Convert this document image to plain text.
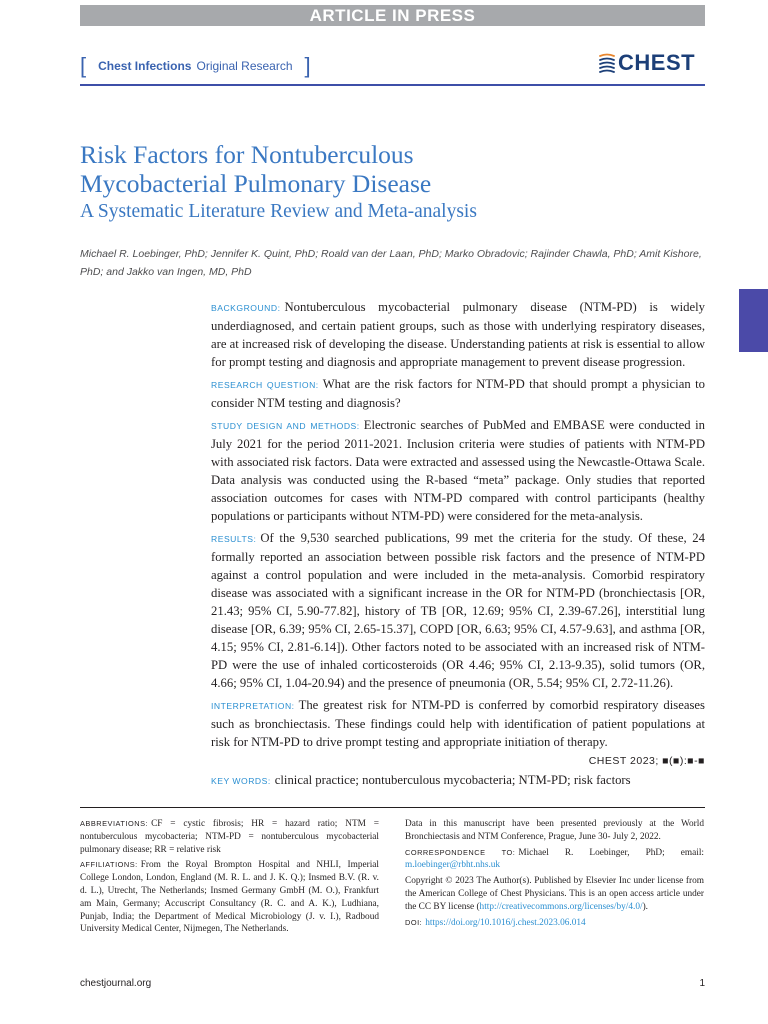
ARTICLE IN PRESS
[ Chest Infections Original Research ]	CHEST
Risk Factors for Nontuberculous
Mycobacterial Pulmonary Disease
A Systematic Literature Review and Meta-analysis
Michael R. Loebinger, PhD; Jennifer K. Quint, PhD; Roald van der Laan, PhD; Marko Obradovic; Rajinder Chawla, PhD; Amit Kishore, PhD; and Jakko van Ingen, MD, PhD

BACKGROUND: Nontuberculous mycobacterial pulmonary disease (NTM-PD) is widely underdiagnosed, and certain patient groups, such as those with underlying respiratory diseases, are at increased risk of developing the disease. Understanding patients at risk is essential to allow for prompt testing and diagnosis and appropriate management to prevent disease progression.

RESEARCH QUESTION: What are the risk factors for NTM-PD that should prompt a physician to consider NTM testing and diagnosis?

STUDY DESIGN AND METHODS: Electronic searches of PubMed and EMBASE were conducted in July 2021 for the period 2011-2021. Inclusion criteria were studies of patients with NTM-PD with associated risk factors. Data were extracted and assessed using the Newcastle-Ottawa Scale. Data analysis was conducted using the R-based “meta” package. Only studies that reported association outcomes for cases with NTM-PD compared with control participants (healthy populations or participants without NTM-PD) were considered for the meta-analysis.

RESULTS: Of the 9,530 searched publications, 99 met the criteria for the study. Of these, 24 formally reported an association between possible risk factors and the presence of NTM-PD against a control population and were included in the meta-analysis. Comorbid respiratory disease was associated with a significant increase in the OR for NTM-PD (bronchiectasis [OR, 21.43; 95% CI, 5.90-77.82], history of TB [OR, 12.69; 95% CI, 2.39-67.26], interstitial lung disease [OR, 6.39; 95% CI, 2.65-15.37], COPD [OR, 6.63; 95% CI, 4.57-9.63], and asthma [OR, 4.15; 95% CI, 2.81-6.14]). Other factors noted to be associated with an increased risk of NTM-PD were the use of inhaled corticosteroids (OR 4.46; 95% CI, 2.13-9.35), solid tumors (OR, 4.66; 95% CI, 1.04-20.94) and the presence of pneumonia (OR, 5.54; 95% CI, 2.72-11.26).

INTERPRETATION: The greatest risk for NTM-PD is conferred by comorbid respiratory diseases such as bronchiectasis. These findings could help with identification of patient populations at risk for NTM-PD to drive prompt testing and appropriate initiation of therapy.

CHEST 2023; ■(■):■-■
KEY WORDS: clinical practice; nontuberculous mycobacteria; NTM-PD; risk factors

ABBREVIATIONS: CF = cystic fibrosis; HR = hazard ratio; NTM = nontuberculous mycobacteria; NTM-PD = nontuberculous mycobacterial pulmonary disease; RR = relative risk

AFFILIATIONS: From the Royal Brompton Hospital and NHLI, Imperial College London, London, England (M. R. L. and J. K. Q.); Insmed B.V. (R. v. d. L.), Utrecht, The Netherlands; Insmed Germany GmbH (M. O.), Frankfurt am Main, Germany; Accuscript Consultancy (R. C. and A. K.), Ludhiana, Punjab, India; the Department of Medical Microbiology (J. v. I.), Radboud University Medical Center, Nijmegen, The Netherlands.

Data in this manuscript have been presented previously at the World Bronchiectasis and NTM Conference, Prague, June 30- July 2, 2022.

CORRESPONDENCE TO: Michael R. Loebinger, PhD; email: m.loebinger@rbht.nhs.uk

Copyright © 2023 The Author(s). Published by Elsevier Inc under license from the American College of Chest Physicians. This is an open access article under the CC BY license (http://creativecommons.org/licenses/by/4.0/).

DOI: https://doi.org/10.1016/j.chest.2023.06.014

chestjournal.org	1
